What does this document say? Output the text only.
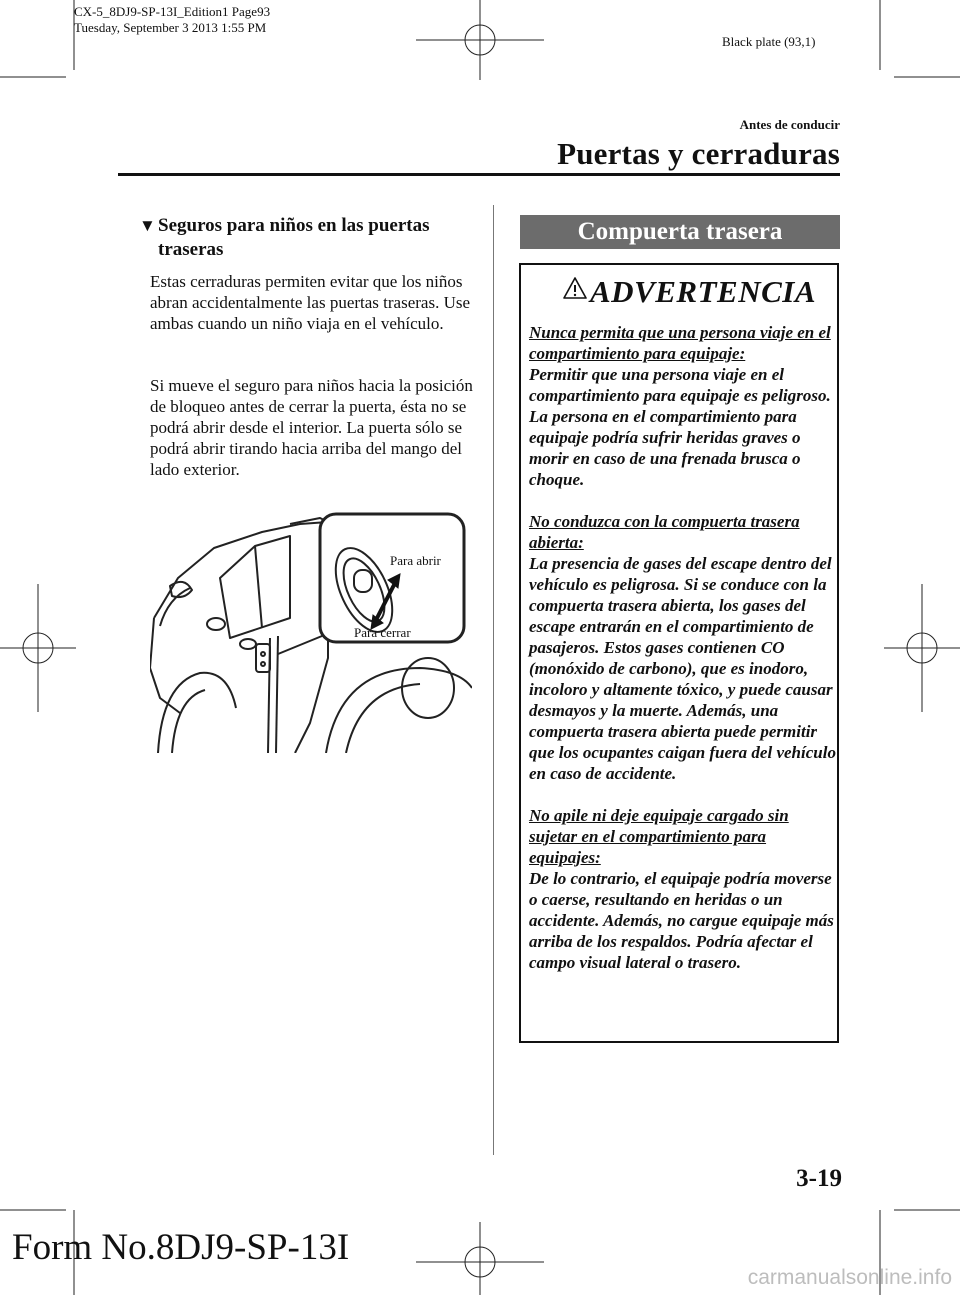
CX-5_8DJ9-SP-13I_Edition1 Page93
Tuesday, September 3 2013 1:55 PM
Black plate (93,1)
Antes de conducir
Puertas y cerraduras
▼ Seguros para niños en las puertas traseras

Estas cerraduras permiten evitar que los niños abran accidentalmente las puertas traseras. Use ambas cuando un niño viaja en el vehículo.

Si mueve el seguro para niños hacia la posición de bloqueo antes de cerrar la puerta, ésta no se podrá abrir desde el interior. La puerta sólo se podrá abrir tirando hacia arriba del mango del lado exterior.

Para abrir
Para cerrar
Compuerta trasera
ADVERTENCIA
Nunca permita que una persona viaje en el compartimiento para equipaje:
Permitir que una persona viaje en el compartimiento para equipaje es peligroso. La persona en el compartimiento para equipaje podría sufrir heridas graves o morir en caso de una frenada brusca o choque.
No conduzca con la compuerta trasera abierta:
La presencia de gases del escape dentro del vehículo es peligrosa. Si se conduce con la compuerta trasera abierta, los gases del escape entrarán en el compartimiento de pasajeros. Estos gases contienen CO (monóxido de carbono), que es inodoro, incoloro y altamente tóxico, y puede causar desmayos y la muerte. Además, una compuerta trasera abierta puede permitir que los ocupantes caigan fuera del vehículo en caso de accidente.
No apile ni deje equipaje cargado sin sujetar en el compartimiento para equipajes:
De lo contrario, el equipaje podría moverse o caerse, resultando en heridas o un accidente. Además, no cargue equipaje más arriba de los respaldos. Podría afectar el campo visual lateral o trasero.
3-19
Form No.8DJ9-SP-13I
carmanualsonline.info
